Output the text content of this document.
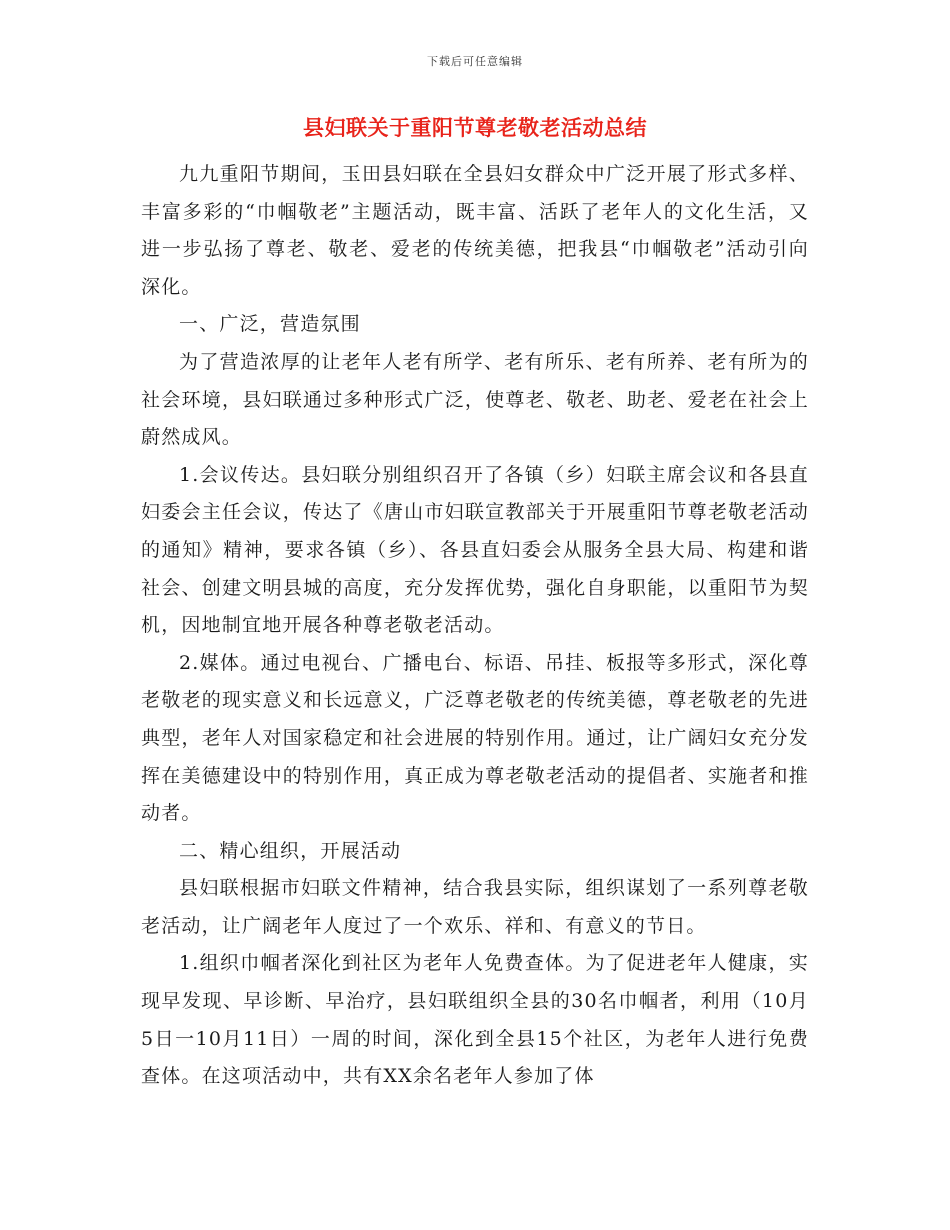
下载后可任意编辑
县妇联关于重阳节尊老敬老活动总结

九九重阳节期间，玉田县妇联在全县妇女群众中广泛开展了形式多样、丰富多彩的“巾帼敬老”主题活动，既丰富、活跃了老年人的文化生活，又进一步弘扬了尊老、敬老、爱老的传统美德，把我县“巾帼敬老”活动引向深化。

一、广泛，营造氛围

为了营造浓厚的让老年人老有所学、老有所乐、老有所养、老有所为的社会环境，县妇联通过多种形式广泛，使尊老、敬老、助老、爱老在社会上蔚然成风。

1.会议传达。县妇联分别组织召开了各镇（乡）妇联主席会议和各县直妇委会主任会议，传达了《唐山市妇联宣教部关于开展重阳节尊老敬老活动的通知》精神，要求各镇（乡）、各县直妇委会从服务全县大局、构建和谐社会、创建文明县城的高度，充分发挥优势，强化自身职能，以重阳节为契机，因地制宜地开展各种尊老敬老活动。

2.媒体。通过电视台、广播电台、标语、吊挂、板报等多形式，深化尊老敬老的现实意义和长远意义，广泛尊老敬老的传统美德，尊老敬老的先进典型，老年人对国家稳定和社会进展的特别作用。通过，让广阔妇女充分发挥在美德建设中的特别作用，真正成为尊老敬老活动的提倡者、实施者和推动者。

二、精心组织，开展活动

县妇联根据市妇联文件精神，结合我县实际，组织谋划了一系列尊老敬老活动，让广阔老年人度过了一个欢乐、祥和、有意义的节日。

1.组织巾帼者深化到社区为老年人免费查体。为了促进老年人健康，实现早发现、早诊断、早治疗，县妇联组织全县的30名巾帼者，利用（10月5日一10月11日）一周的时间，深化到全县15个社区，为老年人进行免费查体。在这项活动中，共有XX余名老年人参加了体
